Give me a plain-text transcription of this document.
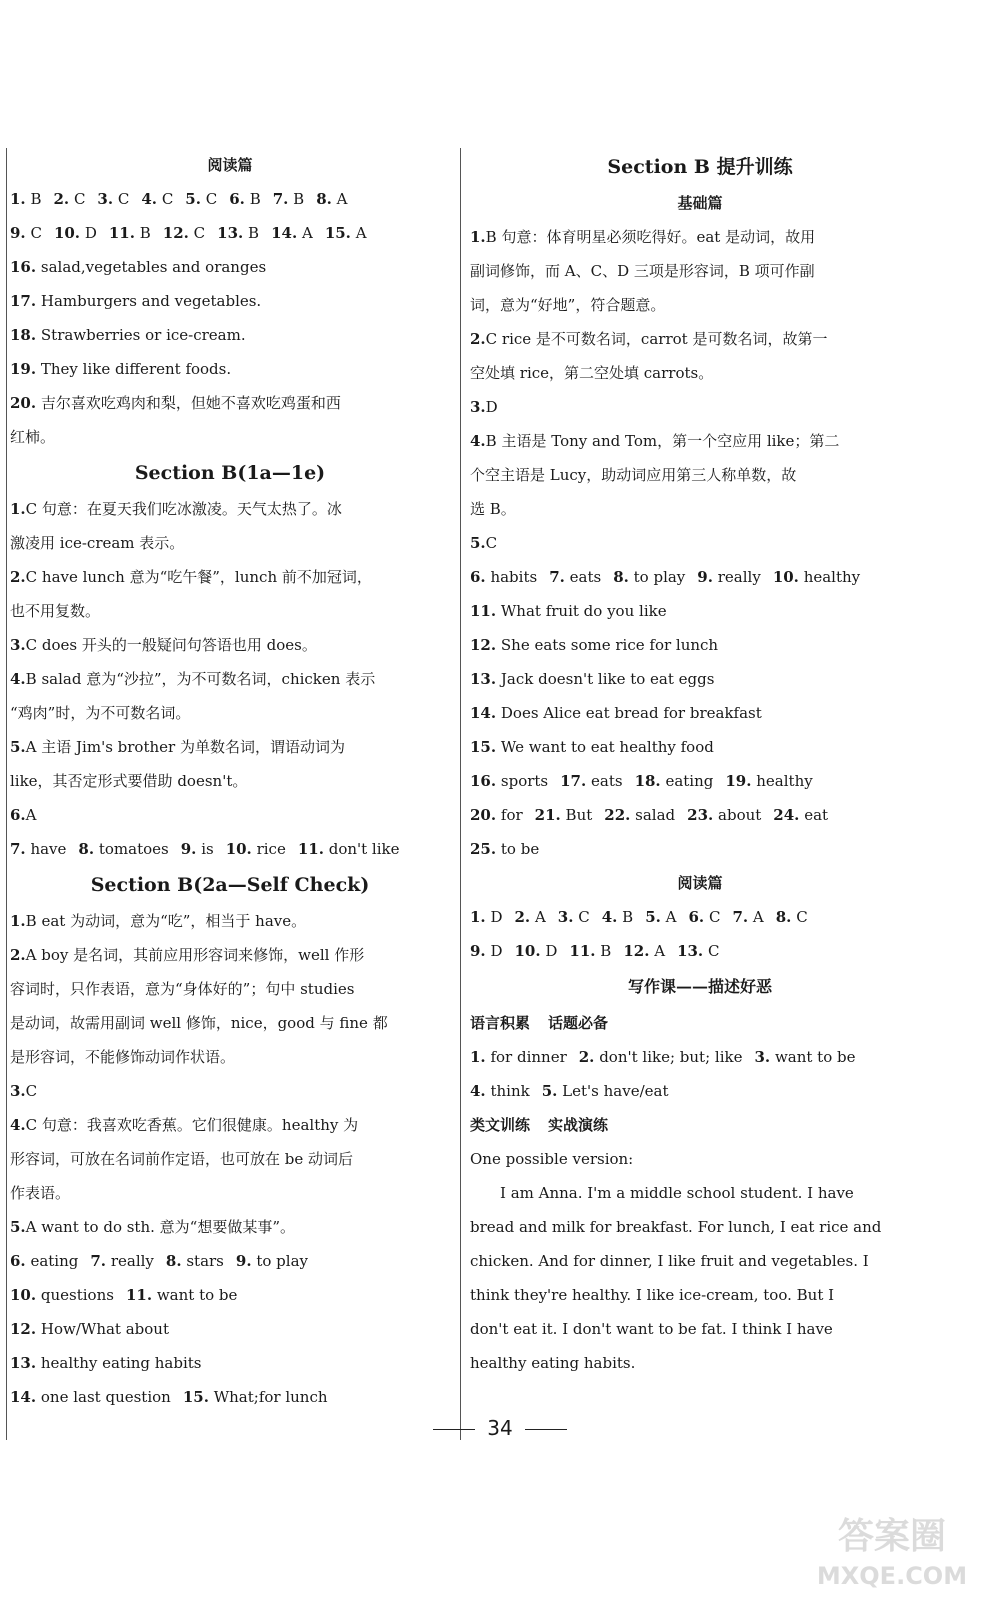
阅读篇
1. B 2. C 3. C 4. C 5. C 6. B 7. B 8. A
9. C 10. D 11. B 12. C 13. B 14. A 15. A
16. salad,vegetables and oranges
17. Hamburgers and vegetables.
18. Strawberries or ice-cream.
19. They like different foods.
20. 吉尔喜欢吃鸡肉和梨，但她不喜欢吃鸡蛋和西
红柿。
Section B(1a—1e)
1.C 句意：在夏天我们吃冰激凌。天气太热了。冰
激凌用 ice-cream 表示。
2.C have lunch 意为“吃午餐”，lunch 前不加冠词，
也不用复数。
3.C does 开头的一般疑问句答语也用 does。
4.B salad 意为“沙拉”，为不可数名词，chicken 表示
“鸡肉”时，为不可数名词。
5.A 主语 Jim's brother 为单数名词，谓语动词为
like，其否定形式要借助 doesn't。
6.A
7. have 8. tomatoes 9. is 10. rice 11. don't like
Section B(2a—Self Check)
1.B eat 为动词，意为“吃”，相当于 have。
2.A boy 是名词，其前应用形容词来修饰，well 作形
容词时，只作表语，意为“身体好的”；句中 studies
是动词，故需用副词 well 修饰，nice，good 与 fine 都
是形容词，不能修饰动词作状语。
3.C
4.C 句意：我喜欢吃香蕉。它们很健康。healthy 为
形容词，可放在名词前作定语，也可放在 be 动词后
作表语。
5.A want to do sth. 意为“想要做某事”。
6. eating 7. really 8. stars 9. to play
10. questions 11. want to be
12. How/What about
13. healthy eating habits
14. one last question 15. What;for lunch
Section B 提升训练
基础篇
1.B 句意：体育明星必须吃得好。eat 是动词，故用
副词修饰，而 A、C、D 三项是形容词，B 项可作副
词，意为“好地”，符合题意。
2.C rice 是不可数名词，carrot 是可数名词，故第一
空处填 rice，第二空处填 carrots。
3.D
4.B 主语是 Tony and Tom，第一个空应用 like；第二
个空主语是 Lucy，助动词应用第三人称单数，故
选 B。
5.C
6. habits 7. eats 8. to play 9. really 10. healthy
11. What fruit do you like
12. She eats some rice for lunch
13. Jack doesn't like to eat eggs
14. Does Alice eat bread for breakfast
15. We want to eat healthy food
16. sports 17. eats 18. eating 19. healthy
20. for 21. But 22. salad 23. about 24. eat
25. to be
阅读篇
1. D 2. A 3. C 4. B 5. A 6. C 7. A 8. C
9. D 10. D 11. B 12. A 13. C
写作课——描述好恶
语言积累 话题必备
1. for dinner 2. don't like; but; like 3. want to be
4. think 5. Let's have/eat
类文训练 实战演练
One possible version:
I am Anna. I'm a middle school student. I have
bread and milk for breakfast. For lunch, I eat rice and
chicken. And for dinner, I like fruit and vegetables. I
think they're healthy. I like ice-cream, too. But I
don't eat it. I don't want to be fat. I think I have
healthy eating habits.
34
答案圈
MXQE.COM
